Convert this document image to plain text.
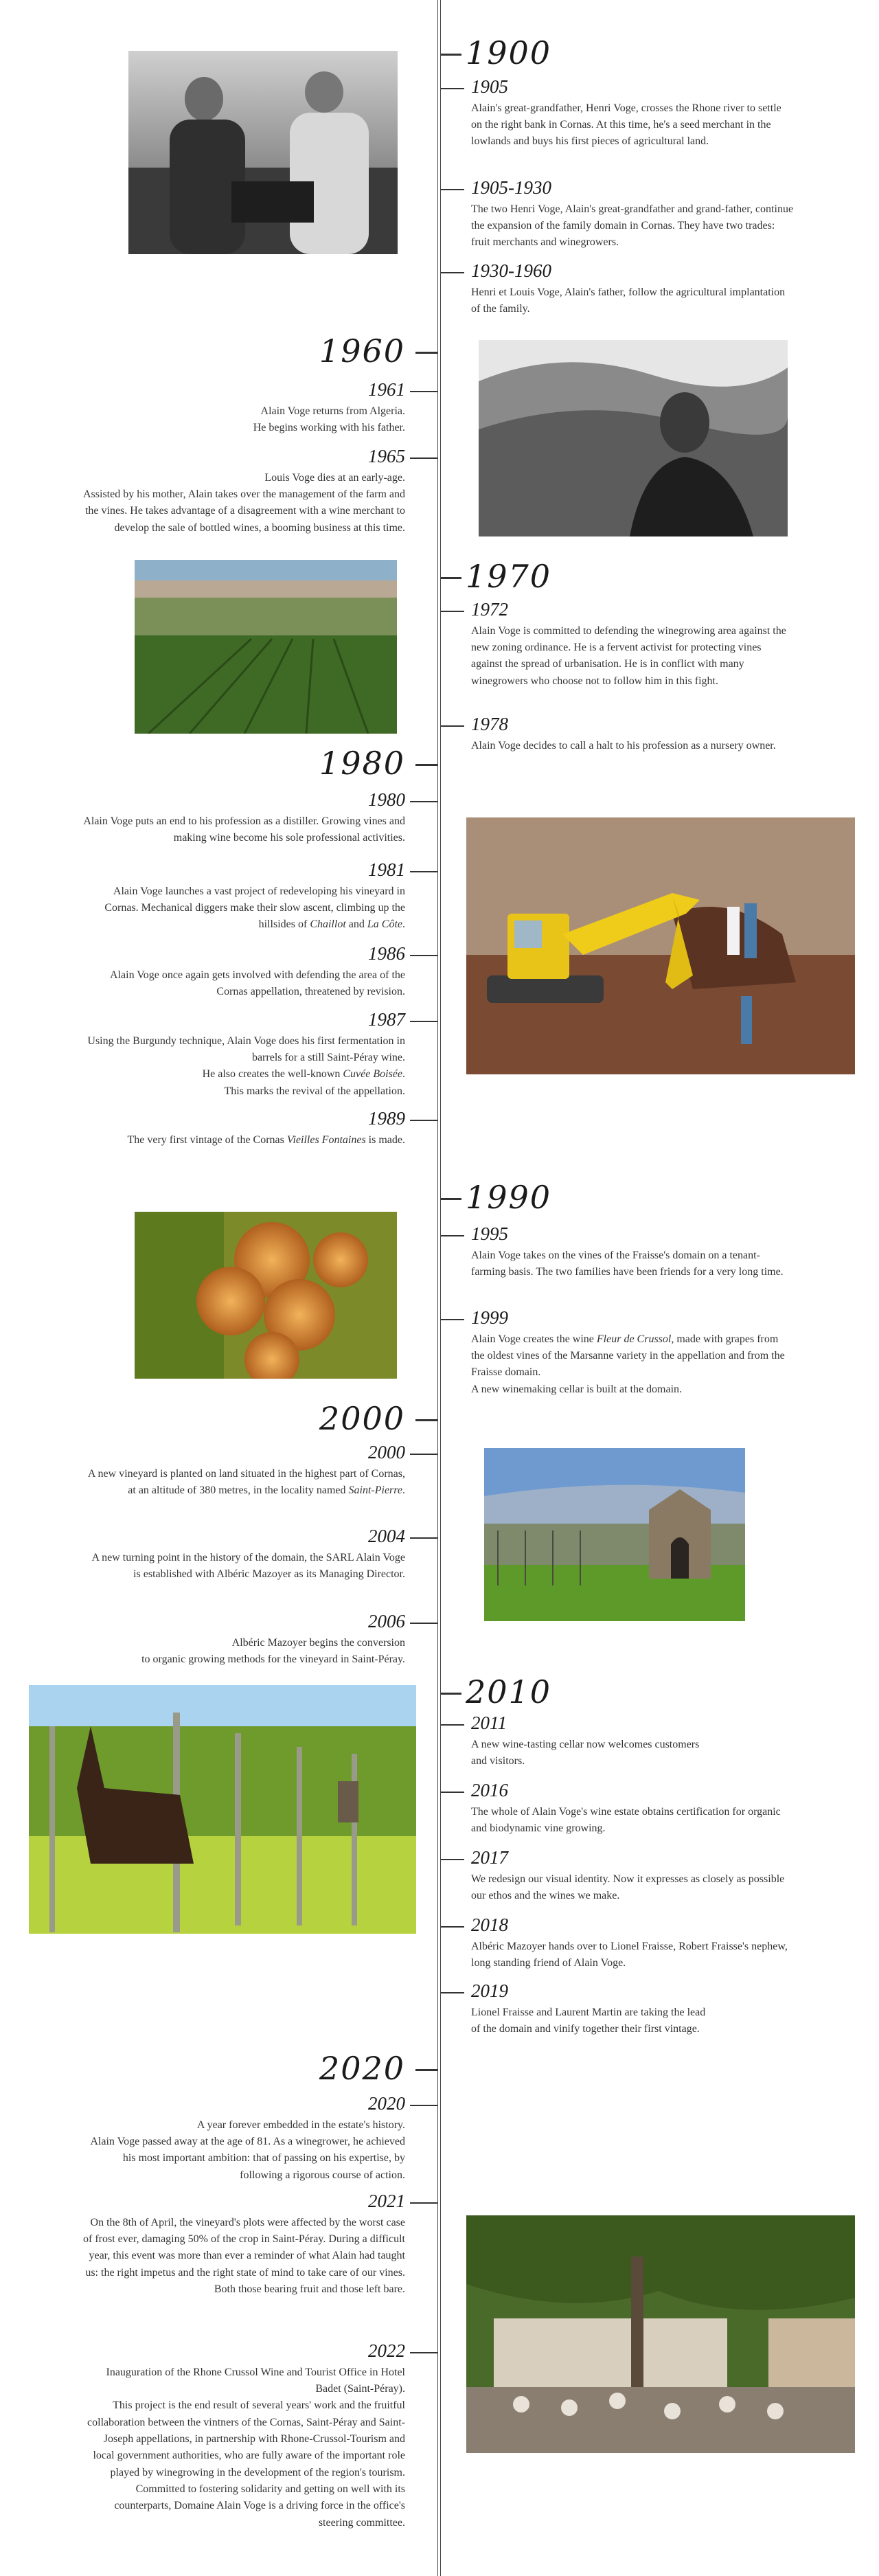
1900
1905

Alain's great-grandfather, Henri Voge, crosses the Rhone river to settle on the right bank in Cornas. At this time, he's a seed merchant in the lowlands and buys his first pieces of agricultural land.

1905-1930

The two Henri Voge, Alain's great-grandfather and grand-father, continue the expansion of the family domain in Cornas. They have two trades: fruit merchants and winegrowers.

1930-1960

Henri et Louis Voge, Alain's father, follow the agricultural implantation of the family.

1960
1961

Alain Voge returns from Algeria.

He begins working with his father.

1965

Louis Voge dies at an early-age.

Assisted by his mother, Alain takes over the management of the farm and the vines. He takes advantage of a disagreement with a wine merchant to develop the sale of bottled wines, a booming business at this time.

1970
1972

Alain Voge is committed to defending the winegrowing area against the new zoning ordinance. He is a fervent activist for protecting vines against the spread of urbanisation. He is in conflict with many winegrowers who choose not to follow him in this fight.

1978

Alain Voge decides to call a halt to his profession as a nursery owner.

1980
1980

Alain Voge puts an end to his profession as a distiller. Growing vines and making wine become his sole professional activities.

1981

Alain Voge launches a vast project of redeveloping his vineyard in Cornas. Mechanical diggers make their slow ascent, climbing up the hillsides of Chaillot and La Côte.

1986

Alain Voge once again gets involved with defending the area of the Cornas appellation, threatened by revision.

1987

Using the Burgundy technique, Alain Voge does his first fermentation in barrels for a still Saint-Péray wine.

He also creates the well-known Cuvée Boisée.

This marks the revival of the appellation.

1989

The very first vintage of the Cornas Vieilles Fontaines is made.

1990
1995

Alain Voge takes on the vines of the Fraisse's domain on a tenant-farming basis. The two families have been friends for a very long time.

1999

Alain Voge creates the wine Fleur de Crussol, made with grapes from the oldest vines of the Marsanne variety in the appellation and from the Fraisse domain.

A new winemaking cellar is built at the domain.

2000
2000

A new vineyard is planted on land situated in the highest part of Cornas, at an altitude of 380 metres, in the locality named Saint-Pierre.

2004

A new turning point in the history of the domain, the SARL Alain Voge is established with Albéric Mazoyer as its Managing Director.

2006

Albéric Mazoyer begins the conversion

to organic growing methods for the vineyard in Saint-Péray.

2010
2011

A new wine-tasting cellar now welcomes customers

and visitors.

2016

The whole of Alain Voge's wine estate obtains certification for organic and biodynamic vine growing.

2017

We redesign our visual identity. Now it expresses as closely as possible our ethos and the wines we make.

2018

Albéric Mazoyer hands over to Lionel Fraisse, Robert Fraisse's nephew, long standing friend of Alain Voge.

2019

Lionel Fraisse and Laurent Martin are taking the lead

of the domain and vinify together their first vintage.

2020
2020

A year forever embedded in the estate's history.

Alain Voge passed away at the age of 81. As a winegrower, he achieved his most important ambition: that of passing on his expertise, by following a rigorous course of action.

2021

On the 8th of April, the vineyard's plots were affected by the worst case of frost ever, damaging 50% of the crop in Saint-Péray. During a difficult year, this event was more than ever a reminder of what Alain had taught us: the right impetus and the right state of mind to take care of our vines. Both those bearing fruit and those left bare.

2022

Inauguration of the Rhone Crussol Wine and Tourist Office in Hotel Badet (Saint-Péray).

This project is the end result of several years' work and the fruitful collaboration between the vintners of the Cornas, Saint-Péray and Saint-Joseph appellations, in partnership with Rhone-Crussol-Tourism and local government authorities, who are fully aware of the important role played by winegrowing in the development of the region's tourism. Committed to fostering solidarity and getting on well with its counterparts, Domaine Alain Voge is a driving force in the office's steering committee.
